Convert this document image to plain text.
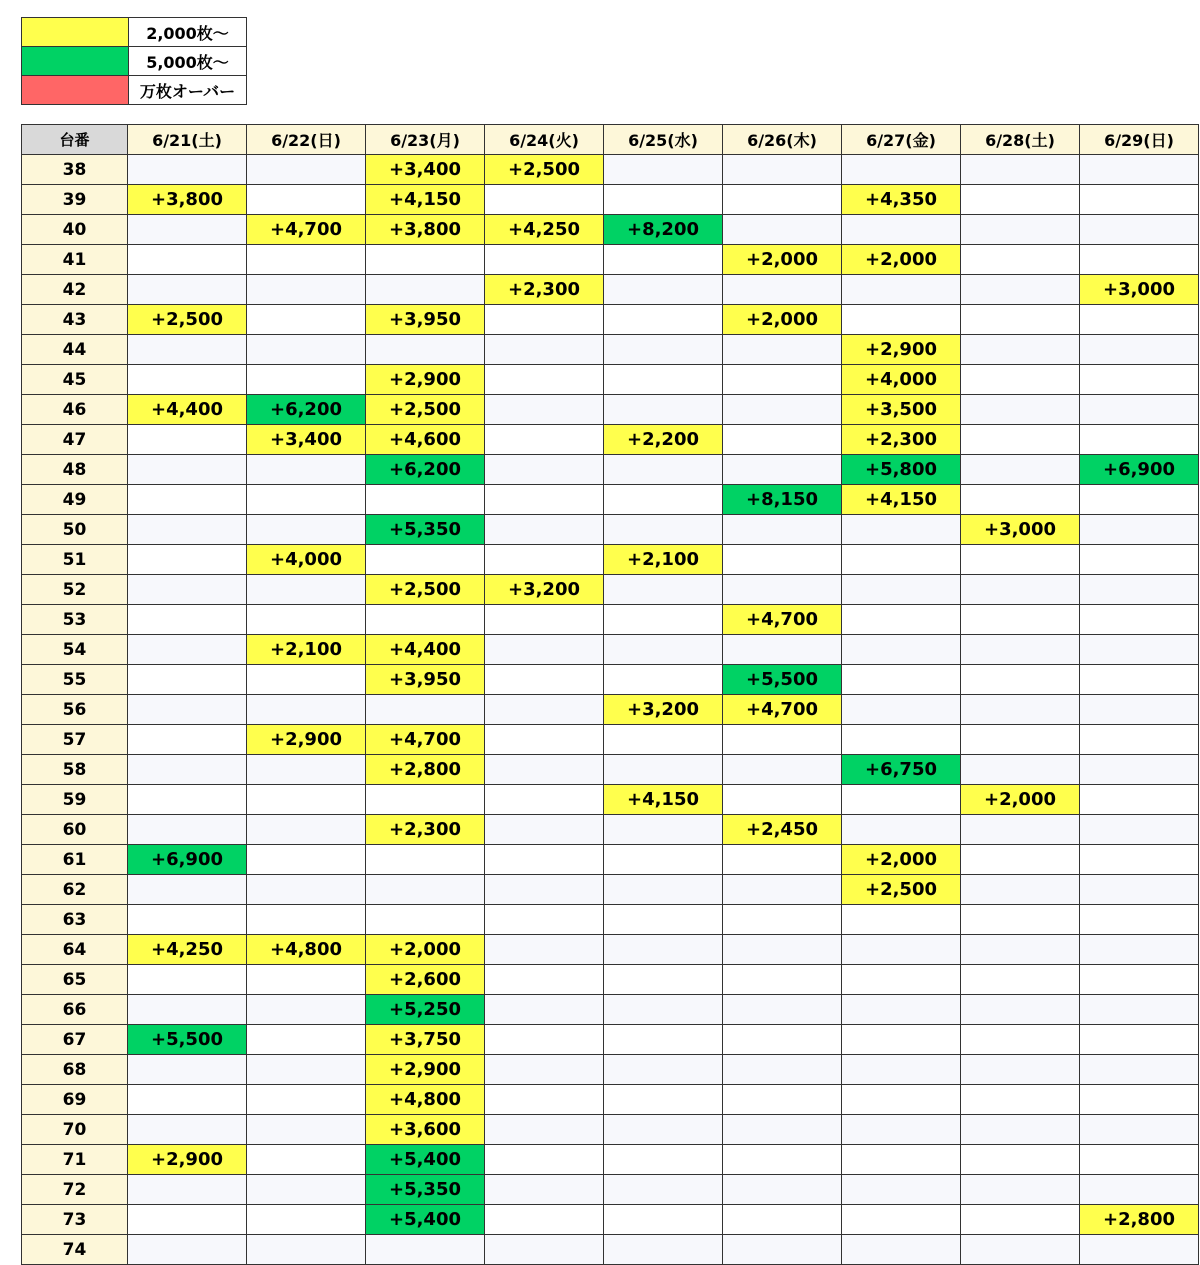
	2,000枚〜
	5,000枚〜
	万枚オーバー
台番	6/21(土)	6/22(日)	6/23(月)	6/24(火)	6/25(水)	6/26(木)	6/27(金)	6/28(土)	6/29(日)
38			+3,400	+2,500					
39	+3,800		+4,150				+4,350		
40		+4,700	+3,800	+4,250	+8,200				
41						+2,000	+2,000		
42				+2,300					+3,000
43	+2,500		+3,950			+2,000			
44							+2,900		
45			+2,900				+4,000		
46	+4,400	+6,200	+2,500				+3,500		
47		+3,400	+4,600		+2,200		+2,300		
48			+6,200				+5,800		+6,900
49						+8,150	+4,150		
50			+5,350					+3,000	
51		+4,000			+2,100				
52			+2,500	+3,200					
53						+4,700			
54		+2,100	+4,400						
55			+3,950			+5,500			
56					+3,200	+4,700			
57		+2,900	+4,700						
58			+2,800				+6,750		
59					+4,150			+2,000	
60			+2,300			+2,450			
61	+6,900						+2,000		
62							+2,500		
63									
64	+4,250	+4,800	+2,000						
65			+2,600						
66			+5,250						
67	+5,500		+3,750						
68			+2,900						
69			+4,800						
70			+3,600						
71	+2,900		+5,400						
72			+5,350						
73			+5,400						+2,800
74									
